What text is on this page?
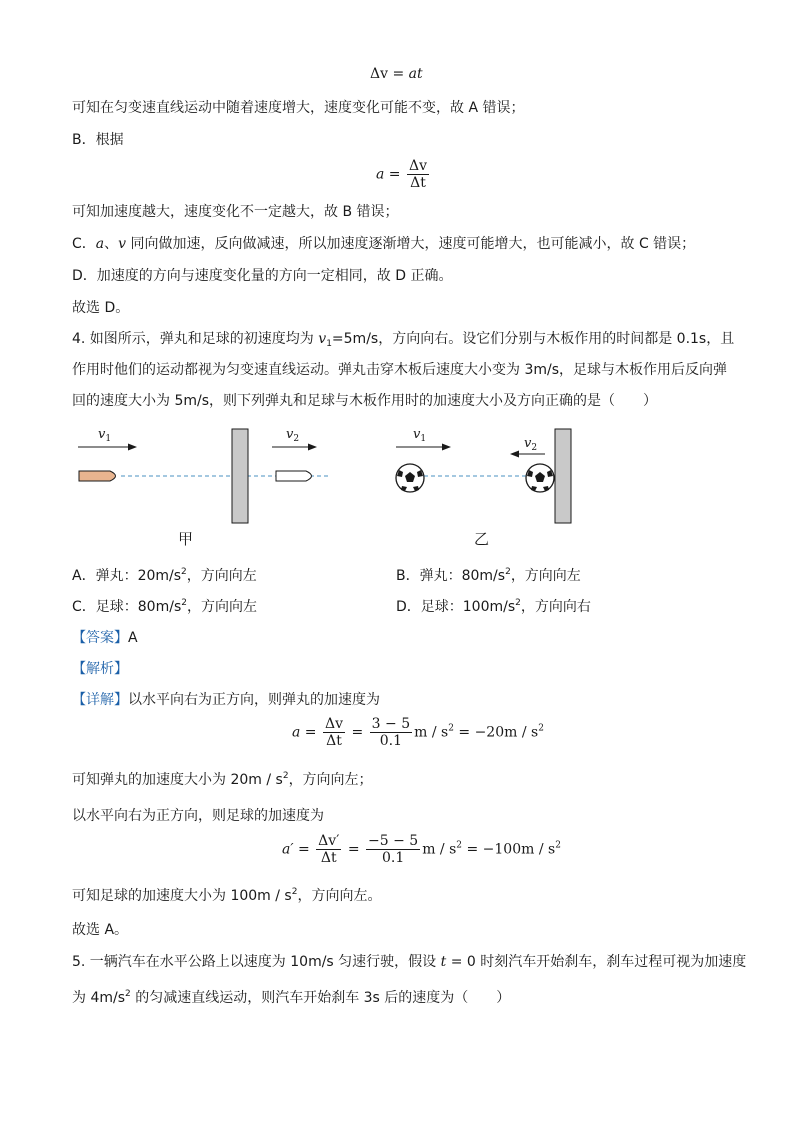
Δv = at
可知在匀变速直线运动中随着速度增大，速度变化可能不变，故 A 错误；
B．根据
$a = \frac{\Delta v}{\Delta t}$
可知加速度越大，速度变化不一定越大，故 B 错误；
C．a、v 同向做加速，反向做减速，所以加速度逐渐增大，速度可能增大，也可能减小，故 C 错误；
D．加速度的方向与速度变化量的方向一定相同，故 D 正确。
故选 D。
4. 如图所示，弹丸和足球的初速度均为 $v_1=5m/s$，方向向右。设它们分别与木板作用的时间都是 0.1s，且
作用时他们的运动都视为匀变速直线运动。弹丸击穿木板后速度大小变为 3m/s，足球与木板作用后反向弹
回的速度大小为 5m/s，则下列弹丸和足球与木板作用时的加速度大小及方向正确的是（　　）
$v_1$	$v_2$	$v_1$	$v_2$
甲	乙
A．弹丸：$20m/s^2$，方向向左	B．弹丸：$80m/s^2$，方向向左
C．足球：$80m/s^2$，方向向左	D．足球：$100m/s^2$，方向向右
【答案】A
【解析】
【详解】以水平向右为正方向，则弹丸的加速度为
$a = \frac{\Delta v}{\Delta t} = \frac{3 - 5}{0.1}$ $m / s^2 = -20m / s^2$
可知弹丸的加速度大小为 $20m / s^2$，方向向左；
以水平向右为正方向，则足球的加速度为
$a' = \frac{\Delta v'}{\Delta t} = \frac{-5 - 5}{0.1}$ $m / s^2 = -100m / s^2$
可知足球的加速度大小为 $100m / s^2$，方向向左。
故选 A。
5. 一辆汽车在水平公路上以速度为 10m/s 匀速行驶，假设 t = 0 时刻汽车开始刹车，刹车过程可视为加速度
为 $4m/s^2$ 的匀减速直线运动，则汽车开始刹车 3s 后的速度为（　　）
